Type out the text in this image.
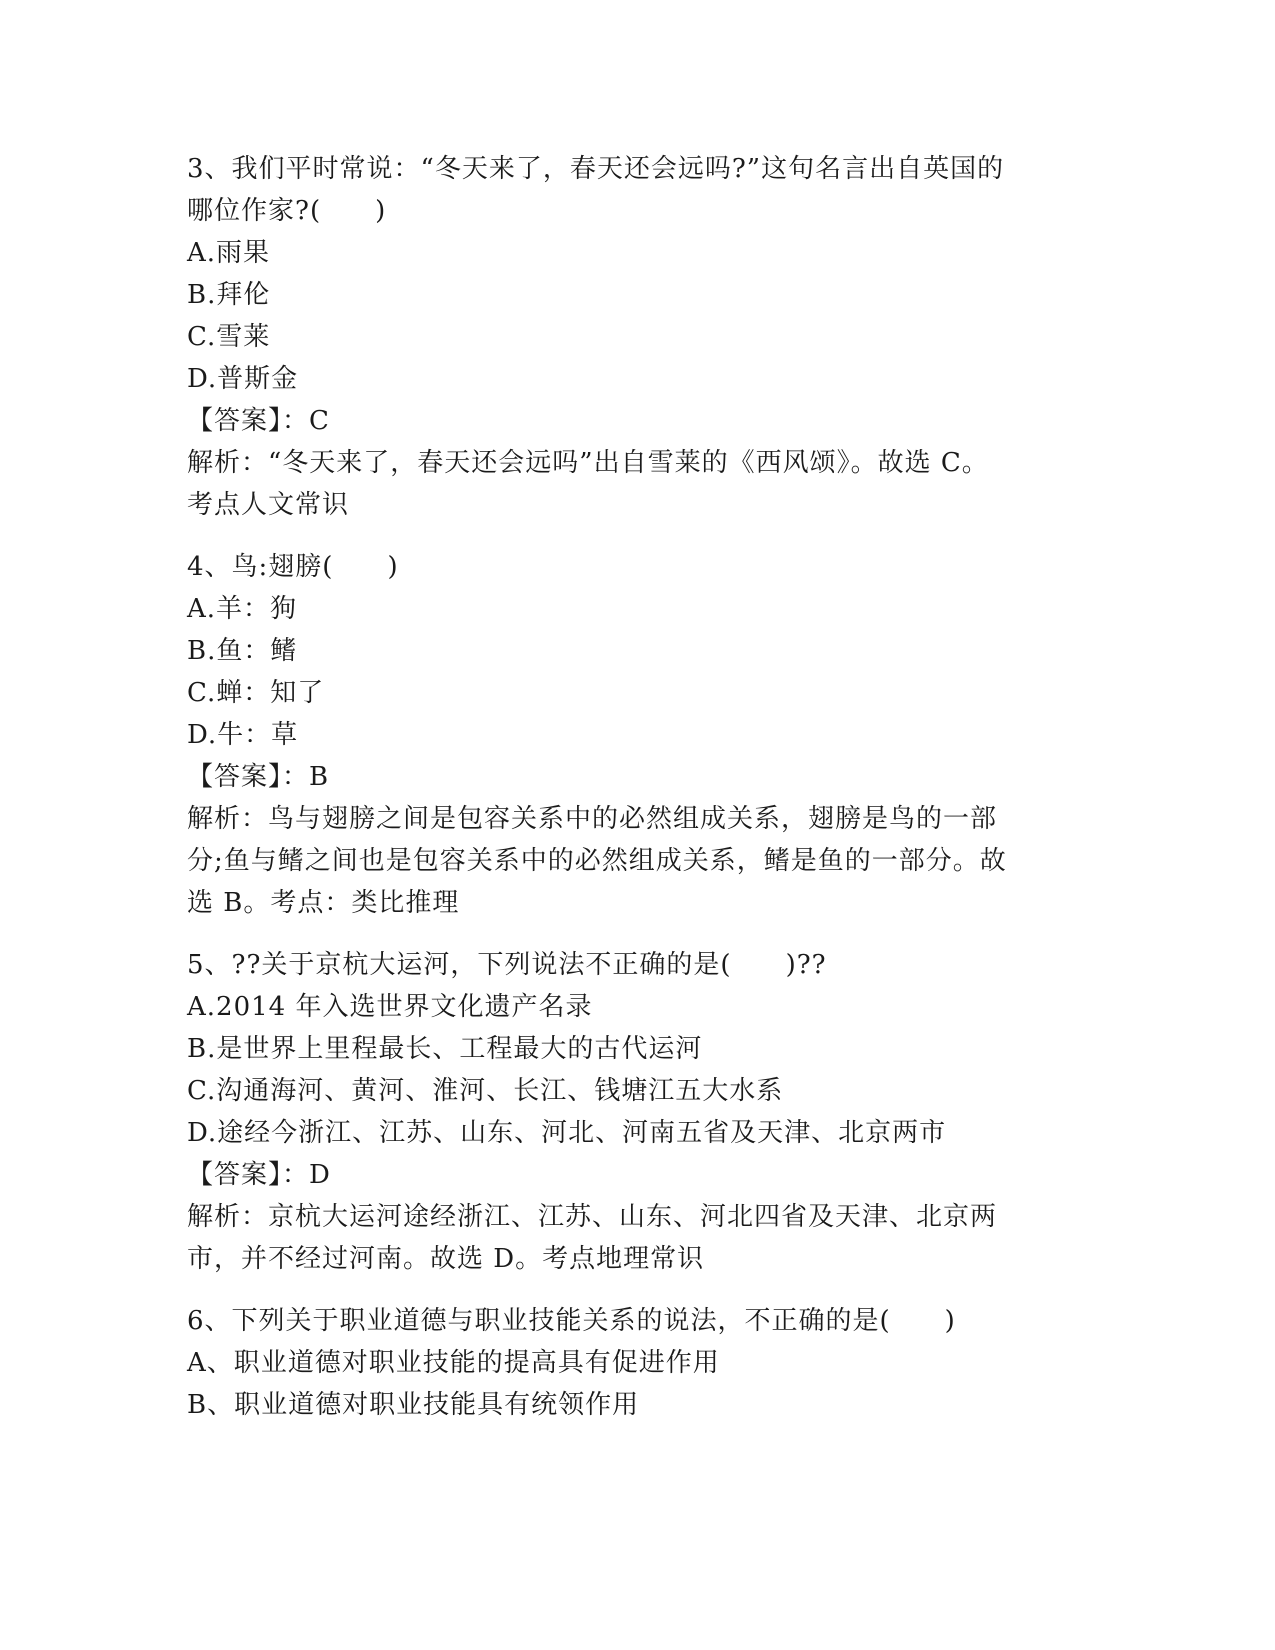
3、我们平时常说：“冬天来了，春天还会远吗?”这句名言出自英国的
哪位作家?(　　)
A.雨果
B.拜伦
C.雪莱
D.普斯金
【答案】：C
解析：“冬天来了，春天还会远吗”出自雪莱的《西风颂》。故选 C。
考点人文常识
4、鸟:翅膀(　　)
A.羊：狗
B.鱼：鳍
C.蝉：知了
D.牛：草
【答案】：B
解析：鸟与翅膀之间是包容关系中的必然组成关系，翅膀是鸟的一部
分;鱼与鳍之间也是包容关系中的必然组成关系，鳍是鱼的一部分。故
选 B。考点：类比推理
5、??关于京杭大运河，下列说法不正确的是(　　)??
A.2014 年入选世界文化遗产名录
B.是世界上里程最长、工程最大的古代运河
C.沟通海河、黄河、淮河、长江、钱塘江五大水系
D.途经今浙江、江苏、山东、河北、河南五省及天津、北京两市
【答案】：D
解析：京杭大运河途经浙江、江苏、山东、河北四省及天津、北京两
市，并不经过河南。故选 D。考点地理常识
6、下列关于职业道德与职业技能关系的说法，不正确的是(　　)
A、职业道德对职业技能的提高具有促进作用
B、职业道德对职业技能具有统领作用
